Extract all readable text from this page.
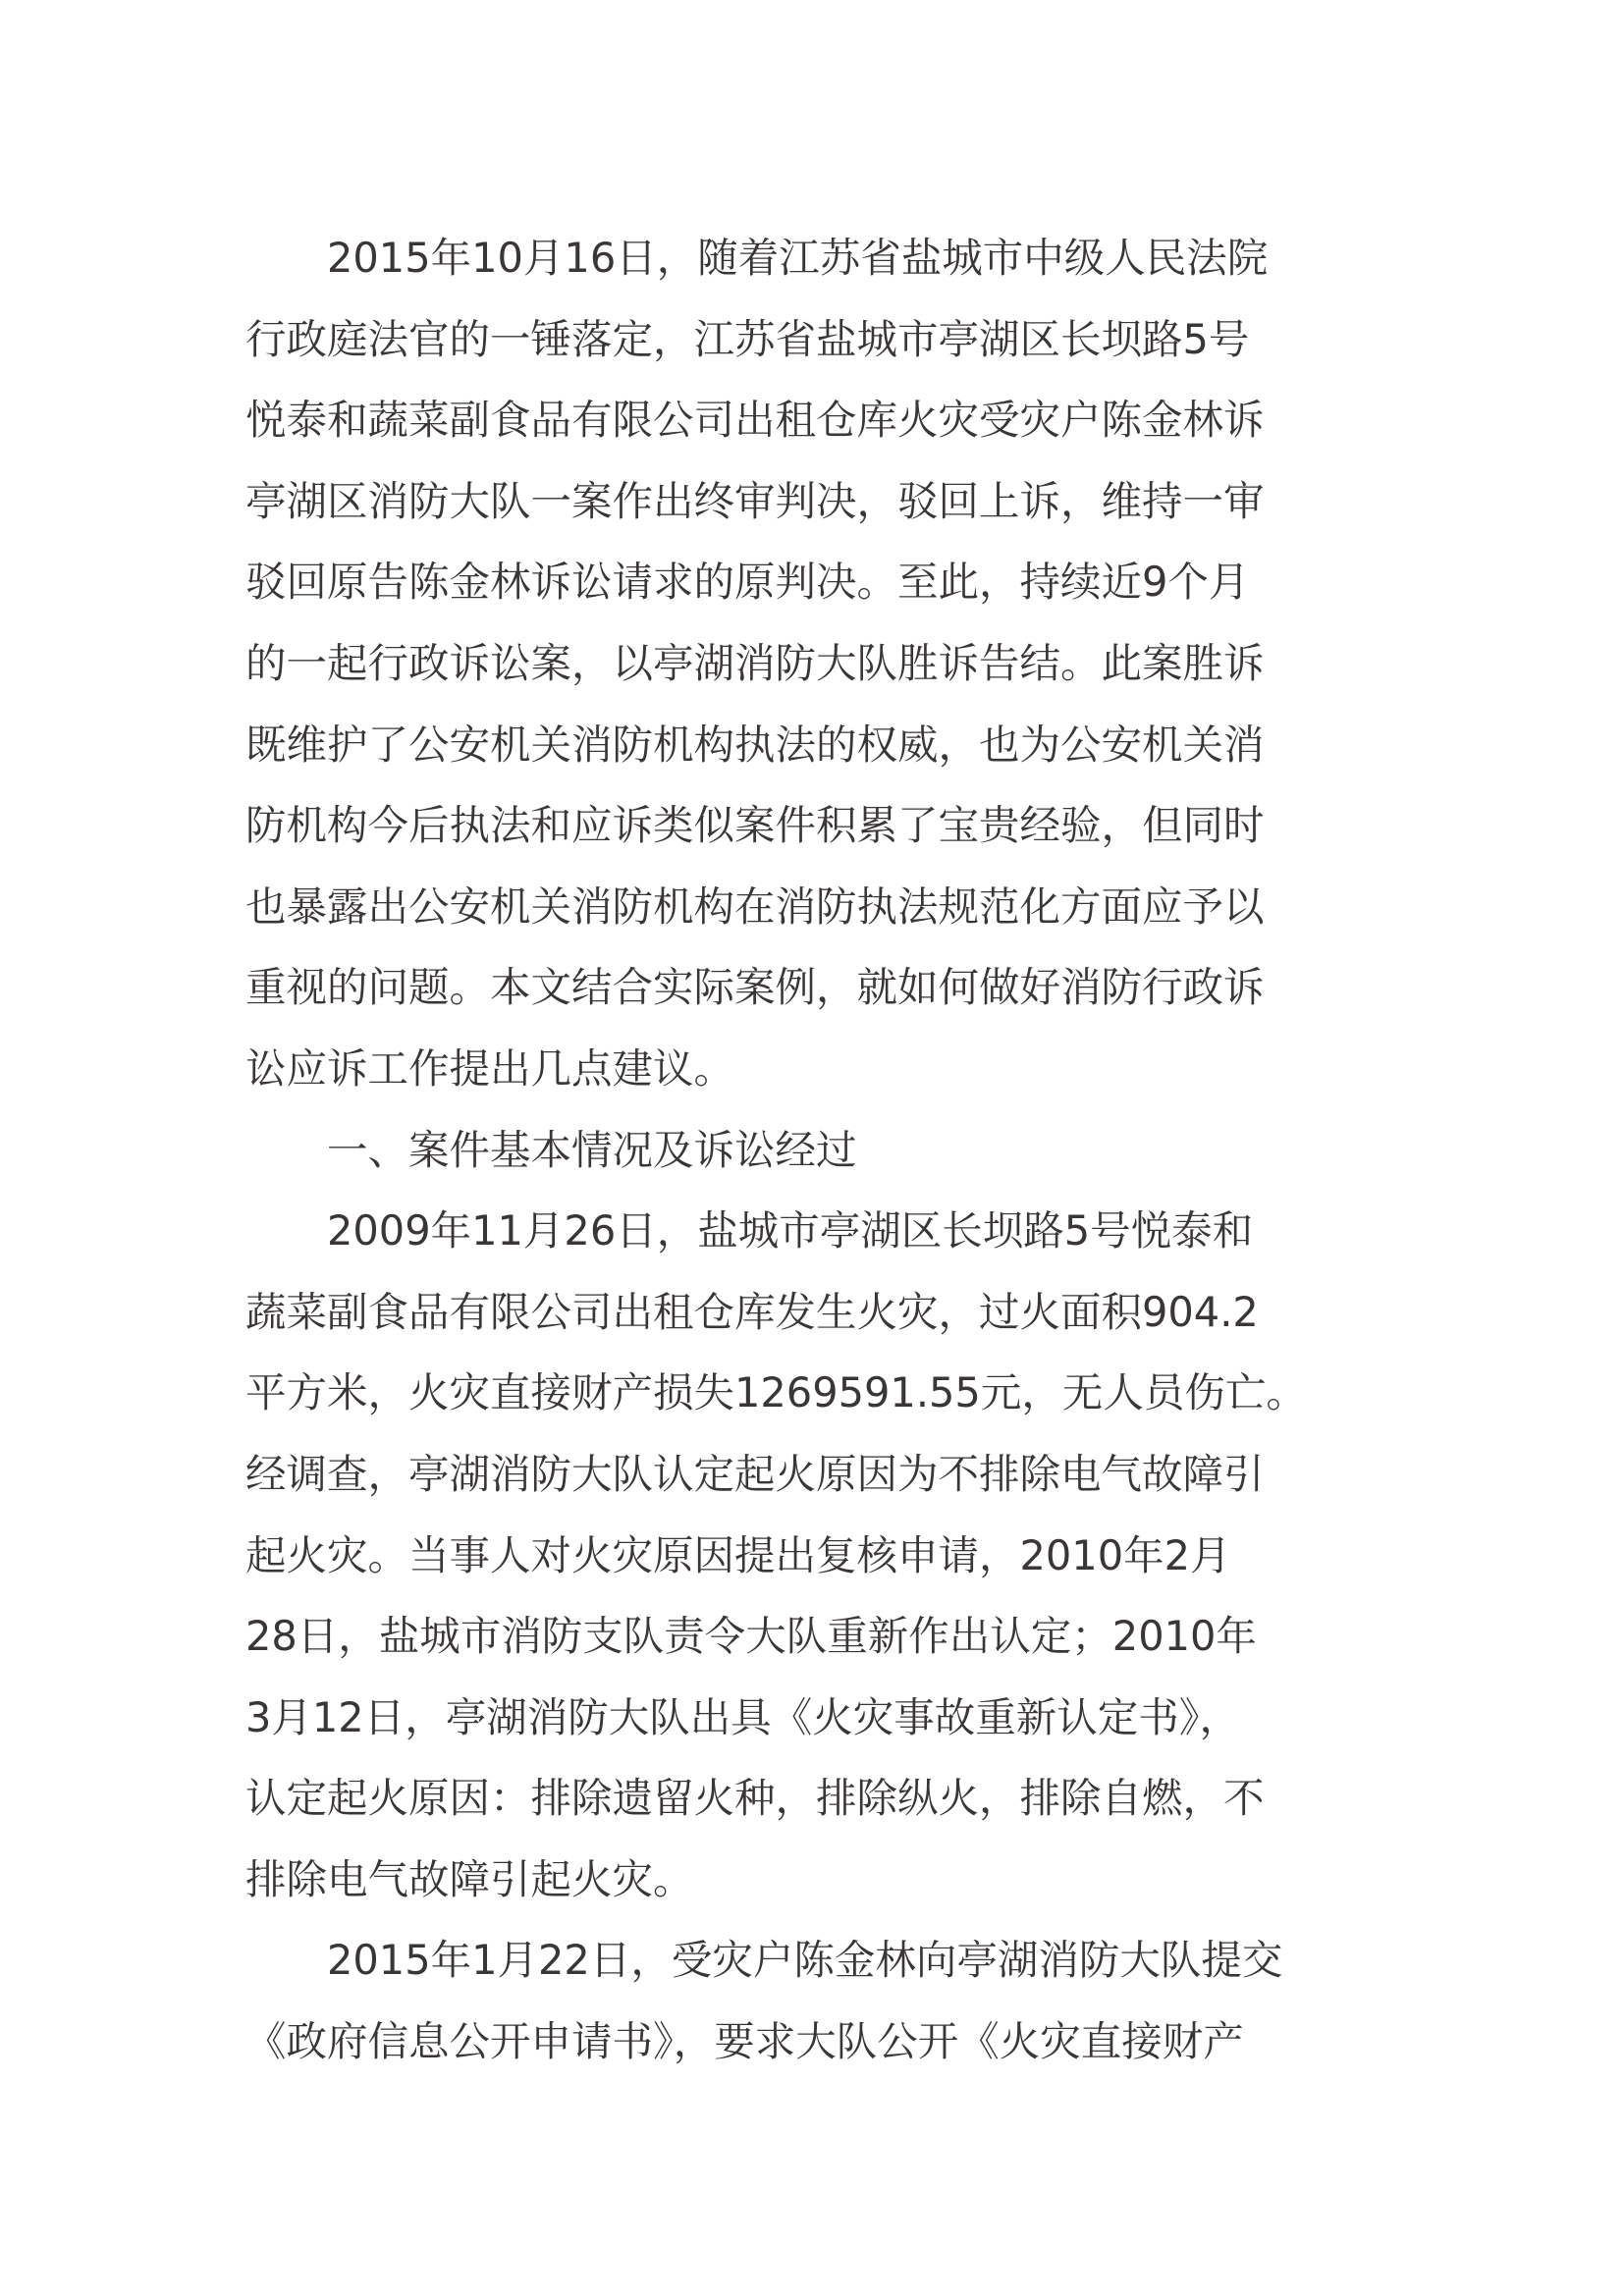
2015年10月16日，随着江苏省盐城市中级人民法院
行政庭法官的一锤落定，江苏省盐城市亭湖区长坝路5号
悦泰和蔬菜副食品有限公司出租仓库火灾受灾户陈金林诉
亭湖区消防大队一案作出终审判决，驳回上诉，维持一审
驳回原告陈金林诉讼请求的原判决。至此，持续近9个月
的一起行政诉讼案，以亭湖消防大队胜诉告结。此案胜诉
既维护了公安机关消防机构执法的权威，也为公安机关消
防机构今后执法和应诉类似案件积累了宝贵经验，但同时
也暴露出公安机关消防机构在消防执法规范化方面应予以
重视的问题。本文结合实际案例，就如何做好消防行政诉
讼应诉工作提出几点建议。
一、案件基本情况及诉讼经过
2009年11月26日，盐城市亭湖区长坝路5号悦泰和
蔬菜副食品有限公司出租仓库发生火灾，过火面积904.2
平方米，火灾直接财产损失1269591.55元，无人员伤亡。
经调查，亭湖消防大队认定起火原因为不排除电气故障引
起火灾。当事人对火灾原因提出复核申请，2010年2月
28日，盐城市消防支队责令大队重新作出认定；2010年
3月12日，亭湖消防大队出具《火灾事故重新认定书》，
认定起火原因：排除遗留火种，排除纵火，排除自燃，不
排除电气故障引起火灾。
2015年1月22日，受灾户陈金林向亭湖消防大队提交
《政府信息公开申请书》，要求大队公开《火灾直接财产
